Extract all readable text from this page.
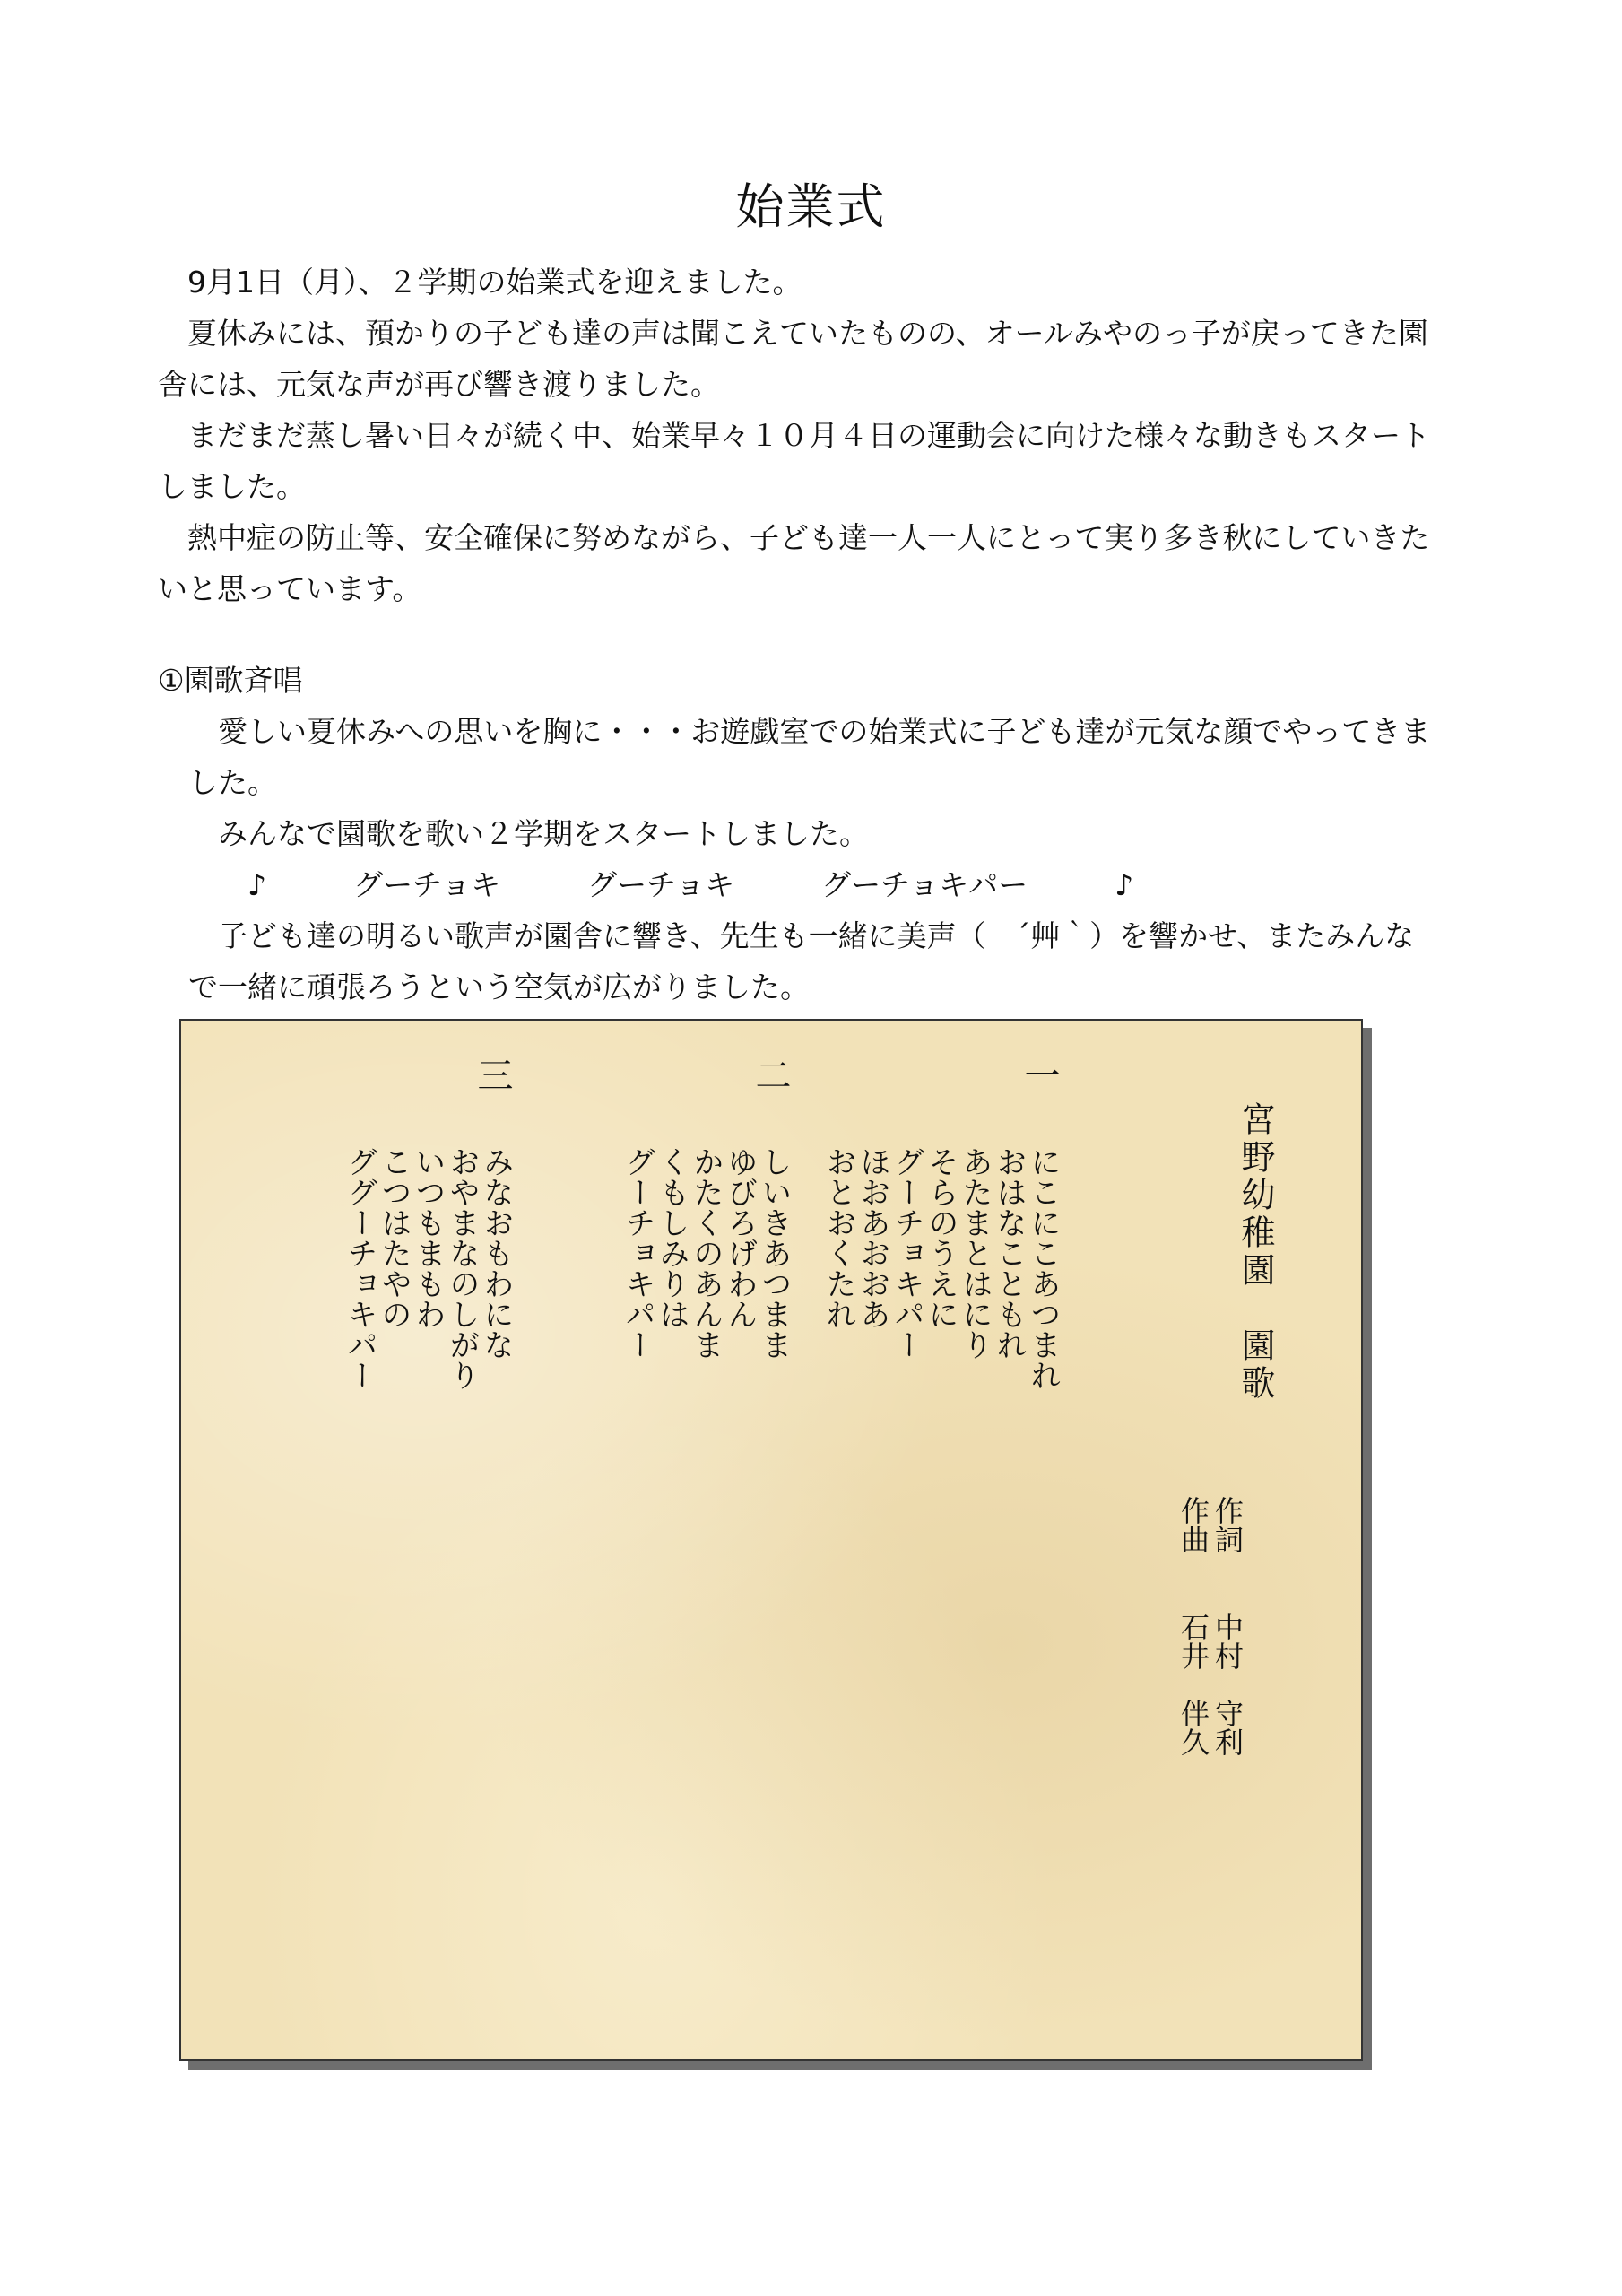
始業式

9月1日（月）、２学期の始業式を迎えました。

夏休みには、預かりの子ども達の声は聞こえていたものの、オールみやのっ子が戻ってきた園舎には、元気な声が再び響き渡りました。

まだまだ蒸し暑い日々が続く中、始業早々１０月４日の運動会に向けた様々な動きもスタートしました。

熱中症の防止等、安全確保に努めながら、子ども達一人一人にとって実り多き秋にしていきたいと思っています。

①園歌斉唱

愛しい夏休みへの思いを胸に・・・お遊戯室での始業式に子ども達が元気な顔でやってきました。

みんなで園歌を歌い２学期をスタートしました。

♪	グーチョキ	グーチョキ	グーチョキパー	♪

子ども達の明るい歌声が園舎に響き、先生も一緒に美声（　´艸｀）を響かせ、またみんなで一緒に頑張ろうという空気が広がりました。

宮野幼稚園　園歌
作詞
作曲
中村　守利
石井　伴久
一
二
三
にこにこあつまれ
おはなこともれ
あたまとはにり
そらのうえに
グーチョキパー
ほおあおおあ
おとおくたれ
しいきあつまま
ゆびろげわん
かたくのあんま
くもしみりは
グーチョキパー
みなおもわにな
おやまなのしがり
いつもまもわ
こつはたやの
ググーチョキパー
